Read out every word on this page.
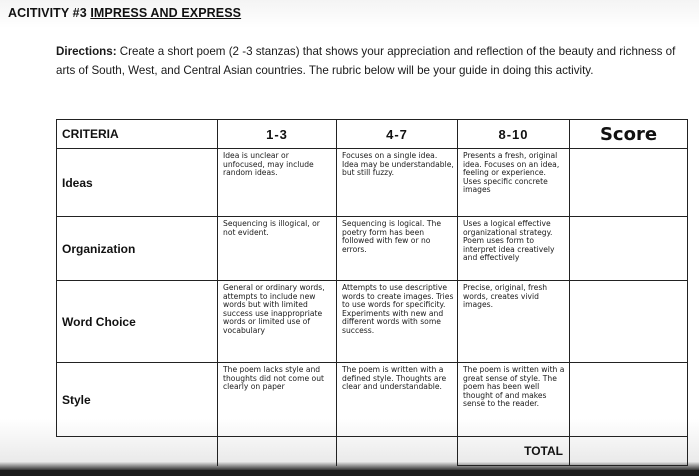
ACITIVITY #3 IMPRESS AND EXPRESS
Directions: Create a short poem (2 -3 stanzas) that shows your appreciation and reflection of the beauty and richness of arts of South, West, and Central Asian countries. The rubric below will be your guide in doing this activity.
CRITERIA	1-3	4-7	8-10	Score
Ideas	Idea is unclear or unfocused, may include random ideas.	Focuses on a single idea. Idea may be understandable, but still fuzzy.	Presents a fresh, original idea. Focuses on an idea, feeling or experience. Uses specific concrete images	
Organization	Sequencing is illogical, or not evident.	Sequencing is logical. The poetry form has been followed with few or no errors.	Uses a logical effective organizational strategy. Poem uses form to interpret idea creatively and effectively	
Word Choice	General or ordinary words, attempts to include new words but with limited success use inappropriate words or limited use of vocabulary	Attempts to use descriptive words to create images. Tries to use words for specificity. Experiments with new and different words with some success.	Precise, original, fresh words, creates vivid images.	
Style	The poem lacks style and thoughts did not come out clearly on paper	The poem is written with a defined style. Thoughts are clear and understandable.	The poem is written with a great sense of style. The poem has been well thought of and makes sense to the reader.	
			TOTAL	
